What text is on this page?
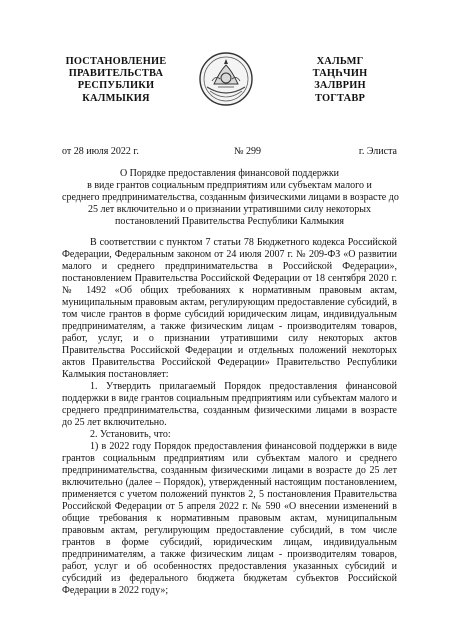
ПОСТАНОВЛЕНИЕ
ПРАВИТЕЛЬСТВА
РЕСПУБЛИКИ
КАЛМЫКИЯ
ХАЛЬМГ
ТАҢҺЧИН
ЗАЛВРИН
ТОГТАВР
от 28 июля 2022 г.	№ 299	г. Элиста
О Порядке предоставления финансовой поддержки
в виде грантов социальным предприятиям или субъектам малого и
среднего предпринимательства, созданным физическими лицами в возрасте до
25 лет включительно и о признании утратившими силу некоторых
постановлений Правительства Республики Калмыкия

В соответствии с пунктом 7 статьи 78 Бюджетного кодекса Российской Федерации, Федеральным законом от 24 июля 2007 г. № 209-ФЗ «О развитии малого и среднего предпринимательства в Российской Федерации», постановлением Правительства Российской Федерации от 18 сентября 2020 г. № 1492 «Об общих требованиях к нормативным правовым актам, муниципальным правовым актам, регулирующим предоставление субсидий, в том числе грантов в форме субсидий юридическим лицам, индивидуальным предпринимателям, а также физическим лицам - производителям товаров, работ, услуг, и о признании утратившими силу некоторых актов Правительства Российской Федерации и отдельных положений некоторых актов Правительства Российской Федерации» Правительство Республики Калмыкия постановляет:

1. Утвердить прилагаемый Порядок предоставления финансовой поддержки в виде грантов социальным предприятиям или субъектам малого и среднего предпринимательства, созданным физическими лицами в возрасте до 25 лет включительно.

2. Установить, что:

1) в 2022 году Порядок предоставления финансовой поддержки в виде грантов социальным предприятиям или субъектам малого и среднего предпринимательства, созданным физическими лицами в возрасте до 25 лет включительно (далее – Порядок), утвержденный настоящим постановлением, применяется с учетом положений пунктов 2, 5 постановления Правительства Российской Федерации от 5 апреля 2022 г. № 590 «О внесении изменений в общие требования к нормативным правовым актам, муниципальным правовым актам, регулирующим предоставление субсидий, в том числе грантов в форме субсидий, юридическим лицам, индивидуальным предпринимателям, а также физическим лицам - производителям товаров, работ, услуг и об особенностях предоставления указанных субсидий и субсидий из федерального бюджета бюджетам субъектов Российской Федерации в 2022 году»;
